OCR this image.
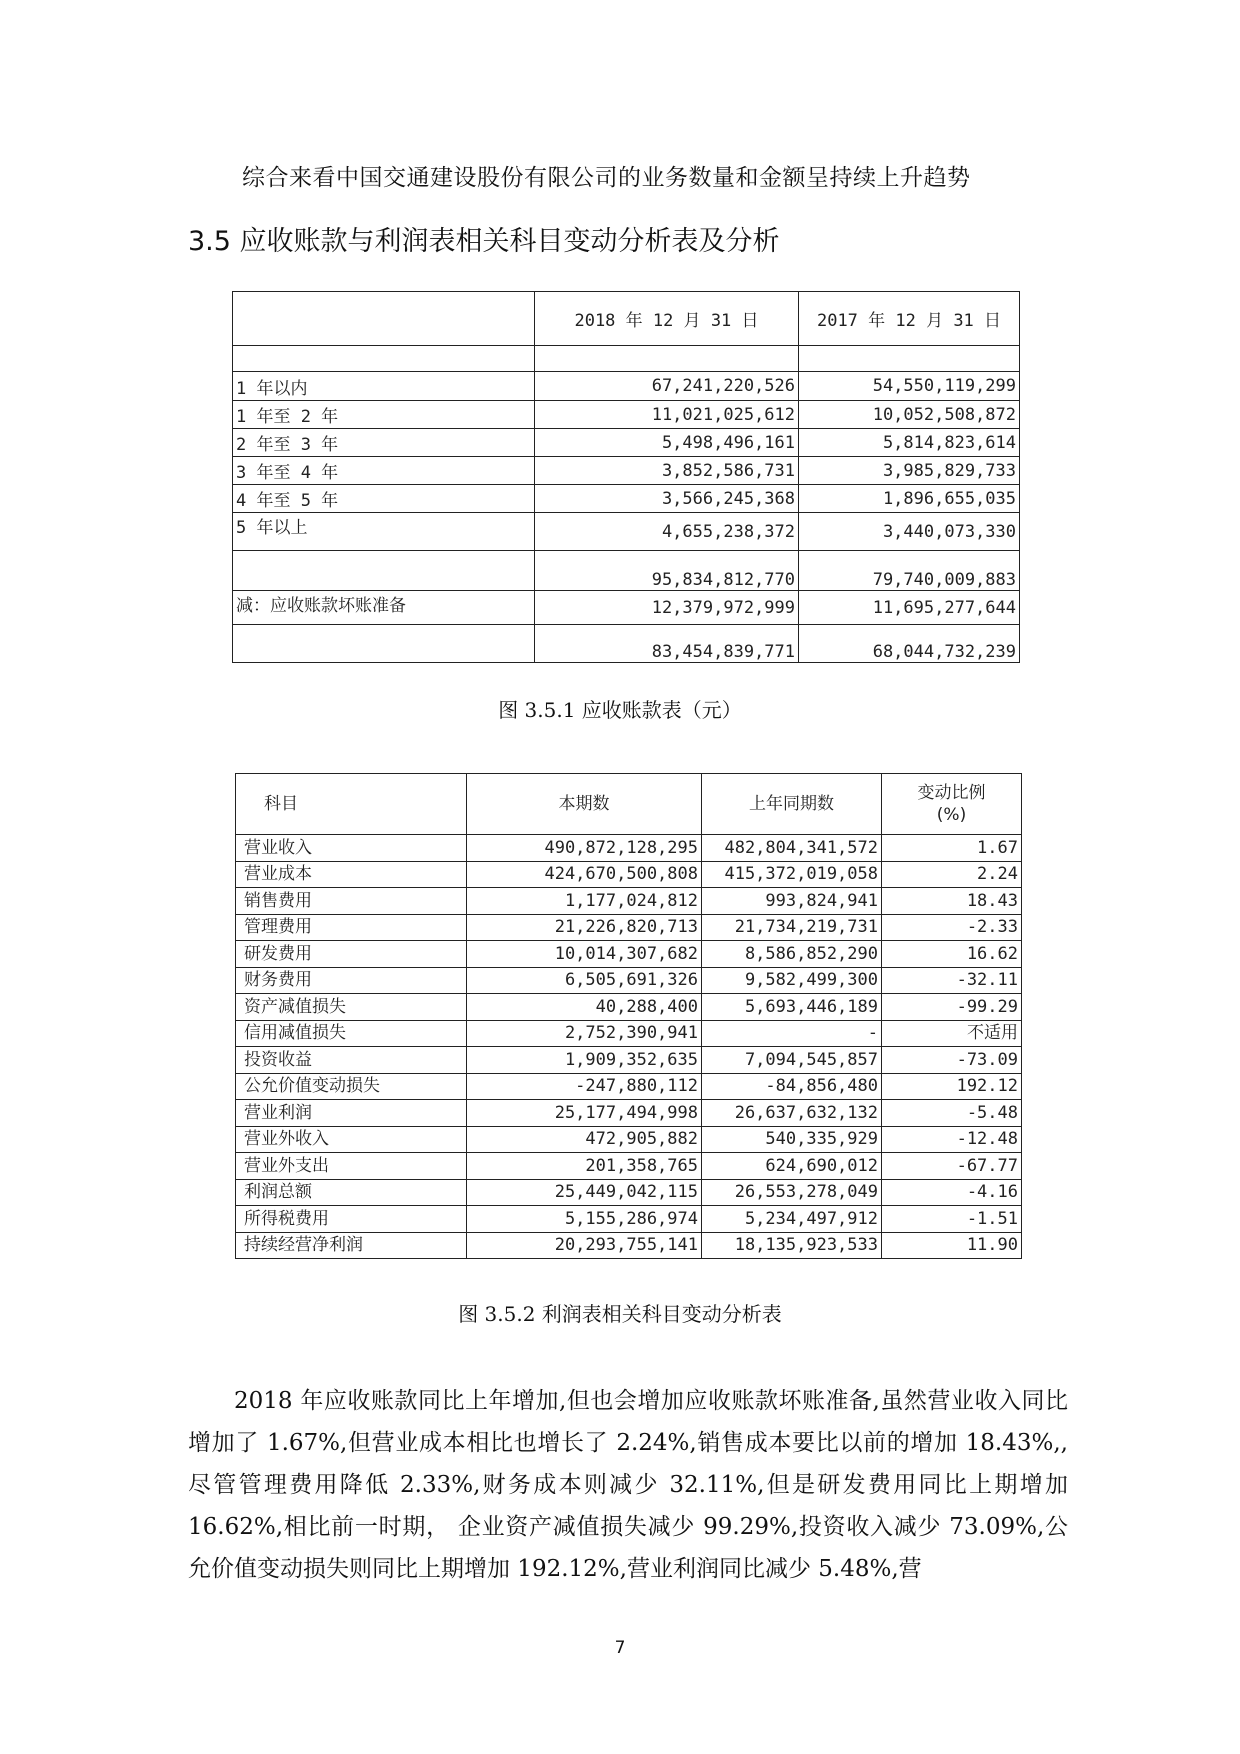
综合来看中国交通建设股份有限公司的业务数量和金额呈持续上升趋势
3.5 应收账款与利润表相关科目变动分析表及分析
	2018 年 12 月 31 日	2017 年 12 月 31 日

1 年以内	67,241,220,526	54,550,119,299
1 年至 2 年	11,021,025,612	10,052,508,872
2 年至 3 年	5,498,496,161	5,814,823,614
3 年至 4 年	3,852,586,731	3,985,829,733
4 年至 5 年	3,566,245,368	1,896,655,035
5 年以上	4,655,238,372	3,440,073,330
	95,834,812,770	79,740,009,883
减：应收账款坏账准备	12,379,972,999	11,695,277,644
	83,454,839,771	68,044,732,239
图 3.5.1 应收账款表（元）
科目	本期数	上年同期数	变动比例
(%)

营业收入	490,872,128,295	482,804,341,572	1.67
营业成本	424,670,500,808	415,372,019,058	2.24
销售费用	1,177,024,812	993,824,941	18.43
管理费用	21,226,820,713	21,734,219,731	-2.33
研发费用	10,014,307,682	8,586,852,290	16.62
财务费用	6,505,691,326	9,582,499,300	-32.11
资产减值损失	40,288,400	5,693,446,189	-99.29
信用减值损失	2,752,390,941	-	不适用
投资收益	1,909,352,635	7,094,545,857	-73.09
公允价值变动损失	-247,880,112	-84,856,480	192.12
营业利润	25,177,494,998	26,637,632,132	-5.48
营业外收入	472,905,882	540,335,929	-12.48
营业外支出	201,358,765	624,690,012	-67.77
利润总额	25,449,042,115	26,553,278,049	-4.16
所得税费用	5,155,286,974	5,234,497,912	-1.51
持续经营净利润	20,293,755,141	18,135,923,533	11.90
图 3.5.2 利润表相关科目变动分析表
2018 年应收账款同比上年增加,但也会增加应收账款坏账准备,虽然营业收入同比增加了 1.67%,但营业成本相比也增长了 2.24%,销售成本要比以前的增加 18.43%,,尽管管理费用降低 2.33%,财务成本则减少 32.11%,但是研发费用同比上期增加 16.62%,相比前一时期， 企业资产减值损失减少 99.29%,投资收入减少 73.09%,公允价值变动损失则同比上期增加 192.12%,营业利润同比减少 5.48%,营
7
